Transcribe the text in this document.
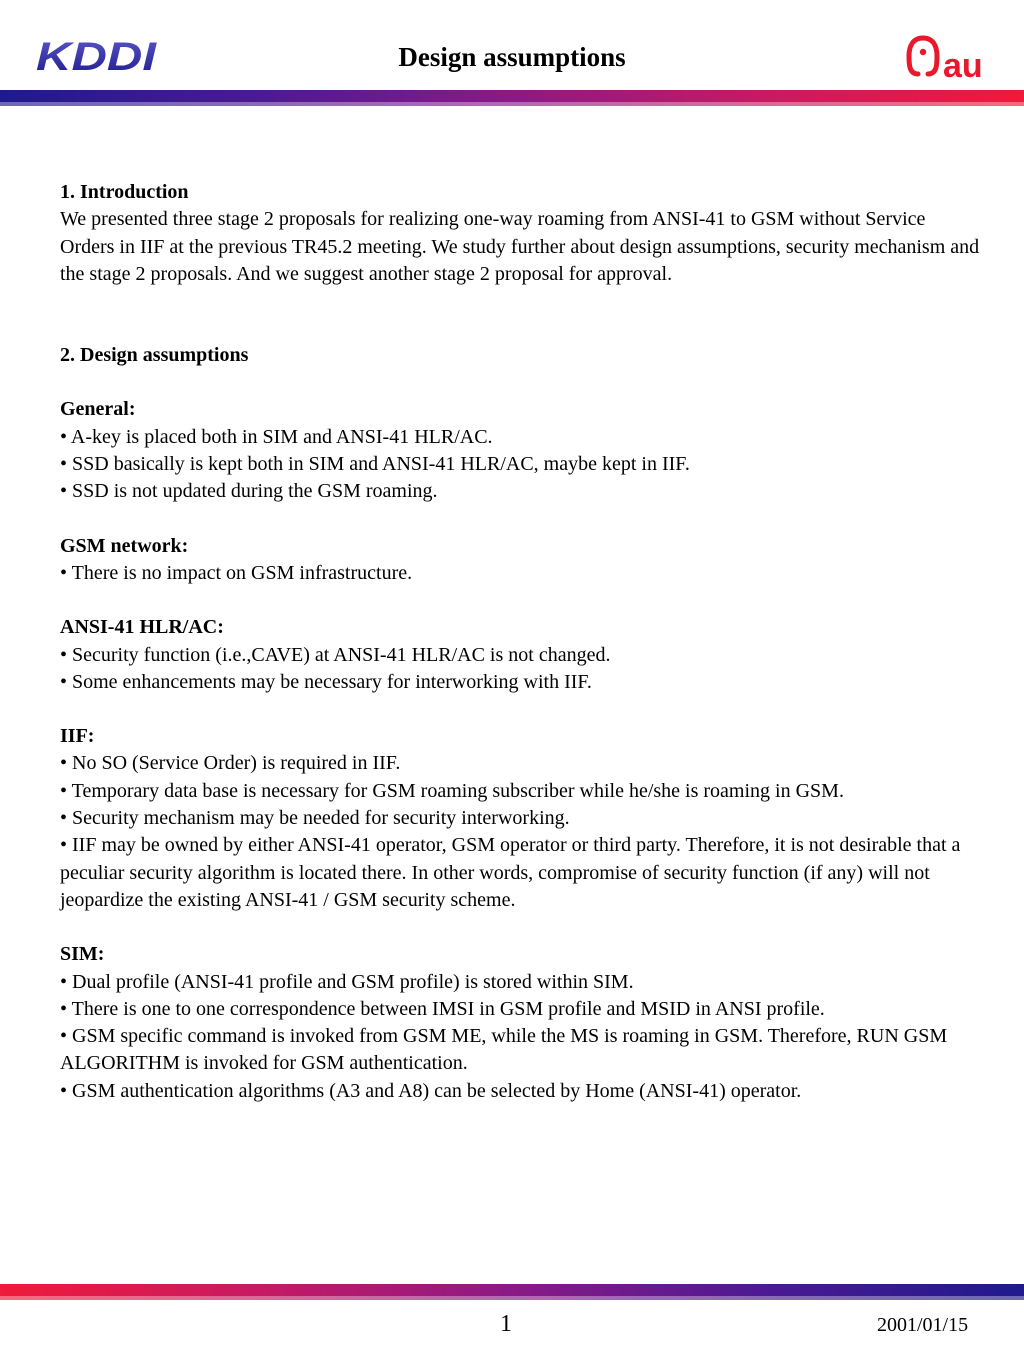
KDDI	Design assumptions	au

1. Introduction

We presented three stage 2 proposals for realizing one-way roaming from ANSI-41 to GSM without Service Orders in IIF at the previous TR45.2 meeting. We study further about design assumptions, security mechanism and the stage 2 proposals. And we suggest another stage 2 proposal for approval.

2. Design assumptions

General:

• A-key is placed both in SIM and ANSI-41 HLR/AC.

• SSD basically is kept both in SIM and ANSI-41 HLR/AC, maybe kept in IIF.

• SSD is not updated during the GSM roaming.

GSM network:

• There is no impact on GSM infrastructure.

ANSI-41 HLR/AC:

• Security function (i.e.,CAVE) at ANSI-41 HLR/AC is not changed.

• Some enhancements may be necessary for interworking with IIF.

IIF:

• No SO (Service Order) is required in IIF.

• Temporary data base is necessary for GSM roaming subscriber while he/she is roaming in GSM.

• Security mechanism may be needed for security interworking.

• IIF may be owned by either ANSI-41 operator, GSM operator or third party. Therefore, it is not desirable that a peculiar security algorithm is located there. In other words, compromise of security function (if any) will not jeopardize the existing ANSI-41 / GSM security scheme.

SIM:

• Dual profile (ANSI-41 profile and GSM profile) is stored within SIM.

• There is one to one correspondence between IMSI in GSM profile and MSID in ANSI profile.

• GSM specific command is invoked from GSM ME, while the MS is roaming in GSM. Therefore, RUN GSM ALGORITHM is invoked for GSM authentication.

• GSM authentication algorithms (A3 and A8) can be selected by Home (ANSI-41) operator.

1	2001/01/15
